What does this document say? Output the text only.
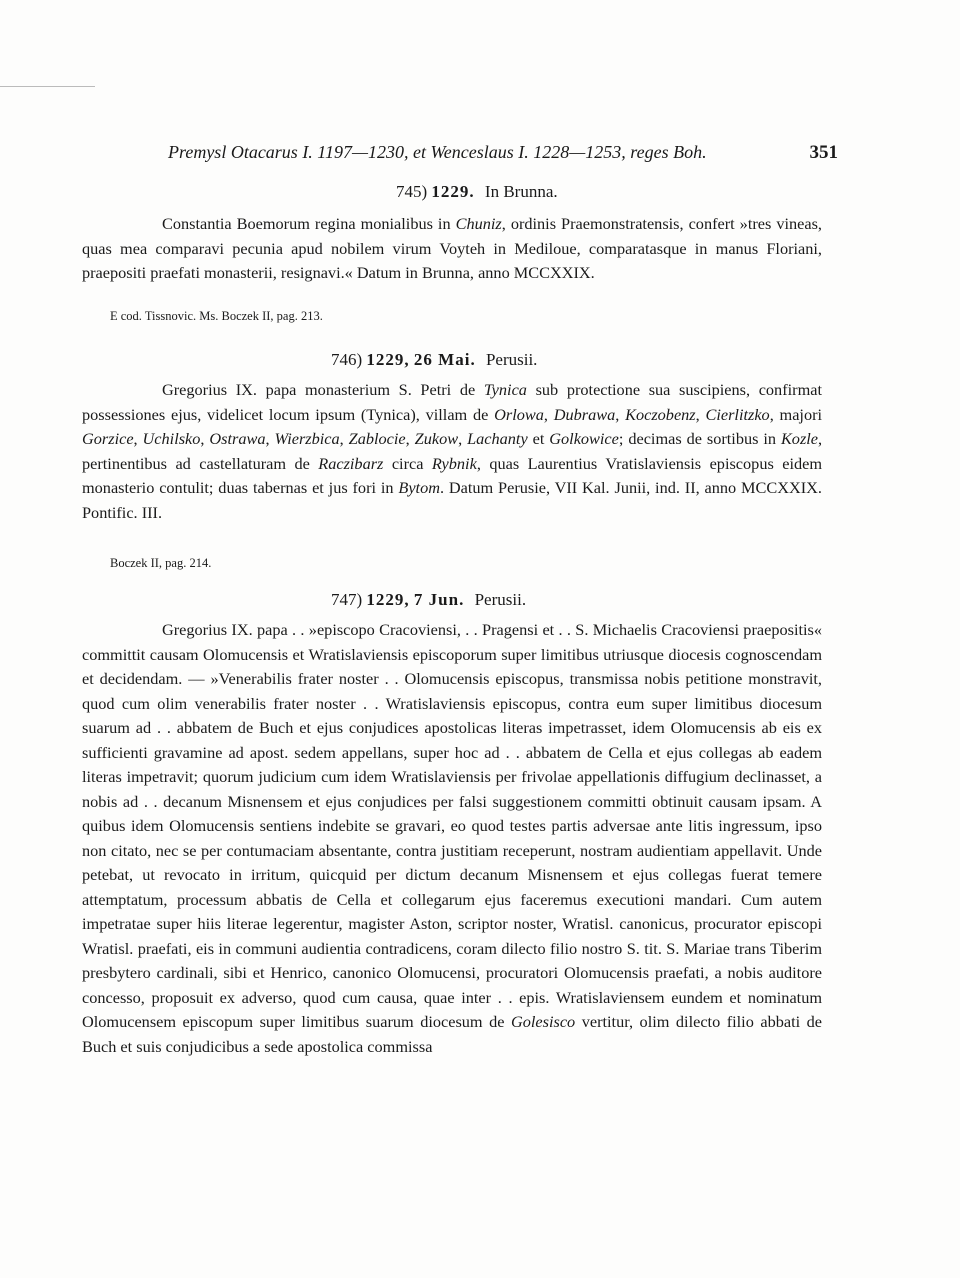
Premysl Otacarus I. 1197—1230, et Wenceslaus I. 1228—1253, reges Boh.	351
745) 1229. In Brunna.

Constantia Boemorum regina monialibus in Chuniz, ordinis Praemonstratensis, confert »tres vineas, quas mea comparavi pecunia apud nobilem virum Voyteh in Mediloue, comparatasque in manus Floriani, praepositi praefati monasterii, resignavi.« Datum in Brunna, anno MCCXXIX.

E cod. Tissnovic. Ms. Boczek II, pag. 213.
746) 1229, 26 Mai. Perusii.

Gregorius IX. papa monasterium S. Petri de Tynica sub protectione sua suscipiens, confirmat possessiones ejus, videlicet locum ipsum (Tynica), villam de Orlowa, Dubrawa, Koczobenz, Cierlitzko, majori Gorzice, Uchilsko, Ostrawa, Wierzbica, Zablocie, Zukow, Lachanty et Golkowice; decimas de sortibus in Kozle, pertinentibus ad castellaturam de Raczibarz circa Rybnik, quas Laurentius Vratislaviensis episcopus eidem monasterio contulit; duas tabernas et jus fori in Bytom. Datum Perusie, VII Kal. Junii, ind. II, anno MCCXXIX. Pontific. III.

Boczek II, pag. 214.
747) 1229, 7 Jun. Perusii.

Gregorius IX. papa . . »episcopo Cracoviensi, . . Pragensi et . . S. Michaelis Cracoviensi praepositis« committit causam Olomucensis et Wratislaviensis episcoporum super limitibus utriusque diocesis cognoscendam et decidendam. — »Venerabilis frater noster . . Olomucensis episcopus, transmissa nobis petitione monstravit, quod cum olim venerabilis frater noster . . Wratislaviensis episcopus, contra eum super limitibus diocesum suarum ad . . abbatem de Buch et ejus conjudices apostolicas literas impetrasset, idem Olomucensis ab eis ex sufficienti gravamine ad apost. sedem appellans, super hoc ad . . abbatem de Cella et ejus collegas ab eadem literas impetravit; quorum judicium cum idem Wratislaviensis per frivolae appellationis diffugium declinasset, a nobis ad . . decanum Misnensem et ejus conjudices per falsi suggestionem committi obtinuit causam ipsam. A quibus idem Olomucensis sentiens indebite se gravari, eo quod testes partis adversae ante litis ingressum, ipso non citato, nec se per contumaciam absentante, contra justitiam receperunt, nostram audientiam appellavit. Unde petebat, ut revocato in irritum, quicquid per dictum decanum Misnensem et ejus collegas fuerat temere attemptatum, processum abbatis de Cella et collegarum ejus faceremus executioni mandari. Cum autem impetratae super hiis literae legerentur, magister Aston, scriptor noster, Wratisl. canonicus, procurator episcopi Wratisl. praefati, eis in communi audientia contradicens, coram dilecto filio nostro S. tit. S. Mariae trans Tiberim presbytero cardinali, sibi et Henrico, canonico Olomucensi, procuratori Olomucensis praefati, a nobis auditore concesso, proposuit ex adverso, quod cum causa, quae inter . . epis. Wratislaviensem eundem et nominatum Olomucensem episcopum super limitibus suarum diocesum de Golesisco vertitur, olim dilecto filio abbati de Buch et suis conjudicibus a sede apostolica commissa
